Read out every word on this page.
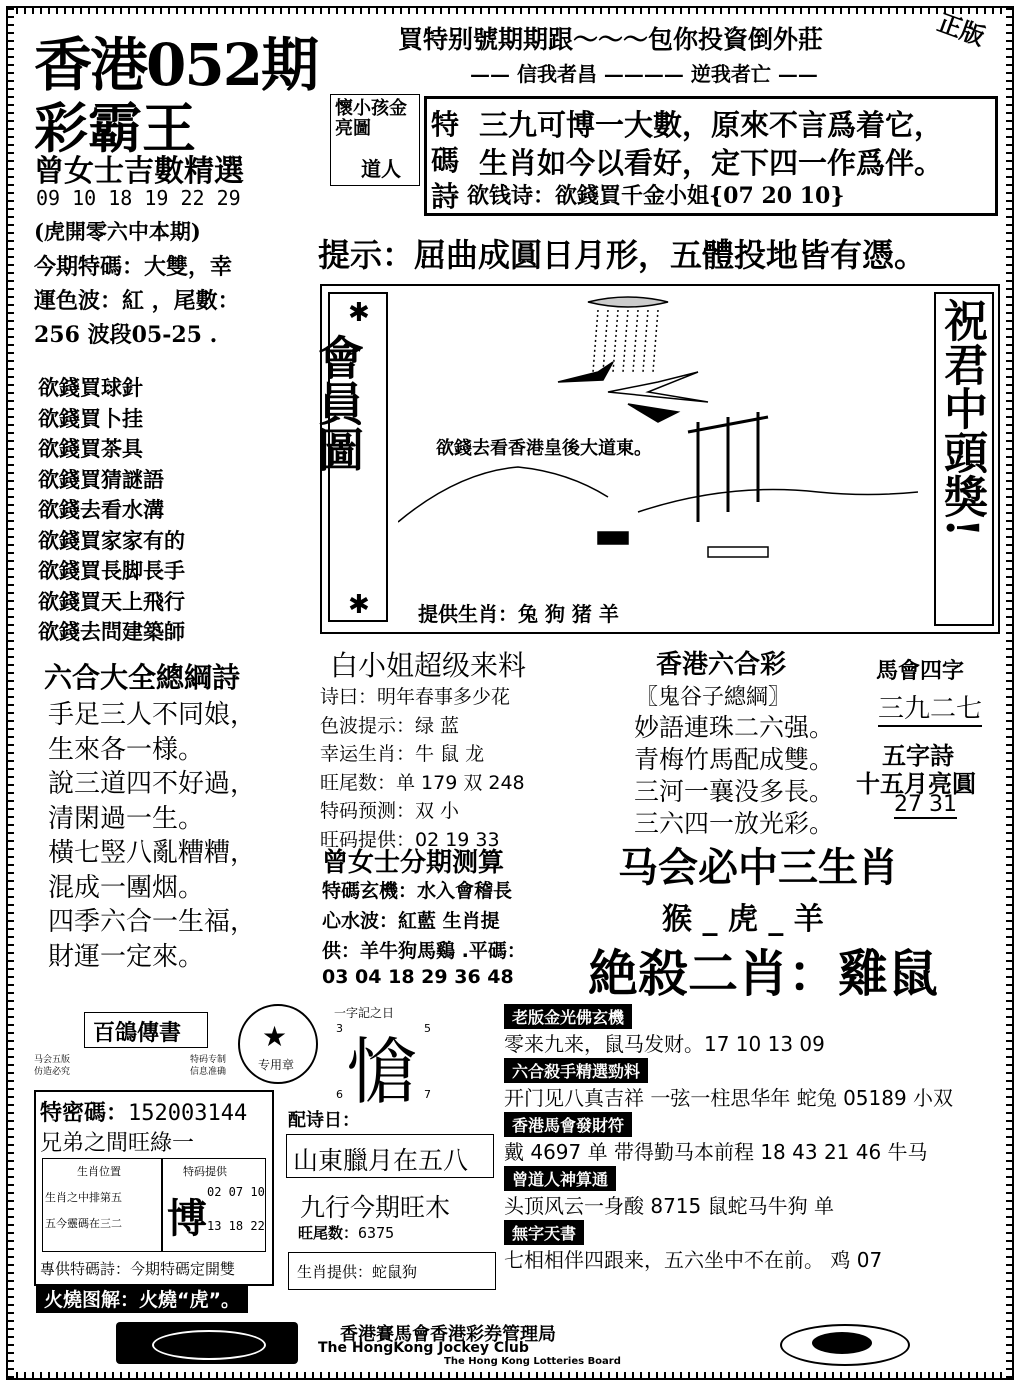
香港052期
彩霸王
買特别號期期跟～～～包你投資倒外莊	正版
—— 信我者昌 ———— 逆我者亡 ——
懷小孩金亮圖
道人
特
碼
詩
三九可博一大數，原來不言爲着它，
生肖如今以看好，定下四一作爲伴。
欲钱诗：欲錢買千金小姐{07 20 10}
曾女士吉數精選
09 10 18 19 22 29
(虎開零六中本期)
今期特碼：大雙，幸
運色波：紅 ，尾數：
256 波段05-25 .
提示：屈曲成圓日月形，五體投地皆有憑。
欲錢買球針
欲錢買卜挂
欲錢買茶具
欲錢買猜謎語
欲錢去看水溝
欲錢買家家有的
欲錢買長脚長手
欲錢買天上飛行
欲錢去問建築師
✱
會員圖
✱
祝君中頭獎!
欲錢去看香港皇後大道東。
提供生肖：兔 狗 猪 羊
白小姐超级来料
诗曰：明年春事多少花
色波提示：绿 蓝
幸运生肖：牛 鼠 龙
旺尾数：单 179 双 248
特码预测：双 小
旺码提供：02 19 33
曾女士分期测算
特碼玄機：水入會稽長
心水波：紅藍 生肖提
供：羊牛狗馬鷄 .平碼：
03 04 18 29 36 48
香港六合彩
〖鬼谷子總綱〗
妙語連珠二六强。
青梅竹馬配成雙。
三河一襄没多長。
三六四一放光彩。
馬會四字
三九二七
五字詩
十五月亮圓
27 31
马会必中三生肖
猴 _ 虎 _ 羊
絶殺二肖：雞鼠
六合大全總綱詩
手足三人不同娘，
生來各一様。
說三道四不好過，
清閑過一生。
橫七竪八亂糟糟，
混成一團烟。
四季六合一生福，
財運一定來。
百鴿傳書
马会五版
仿造必究
特码专制
信息准确
★
专用章
特密碼：152003144
兄弟之間旺綠一
生肖位置
生肖之中排第五
五今靈碼在三二
特码提供
博
02 07 10
13 18 22
專供特碼詩：今期特碼定開雙
火燒图解：火燒“虎”。
一字記之日
3	5
愴
6	7
配诗日：
山東臘月在五八
九行今期旺木
旺尾数：6375
生肖提供：蛇鼠狗
老版金光佛玄機
零来九来，鼠马发财。17 10 13 09
六合殺手精選勁料
开门见八真吉祥 一弦一柱思华年 蛇兔 05189 小双
香港馬會發財符
戴 4697 单 带得勤马本前程 18 43 21 46 牛马
曾道人神算通
头顶风云一身酸 8715 鼠蛇马牛狗 单
無字天書
七相相伴四跟来，五六坐中不在前。 鸡 07
香港賽馬會香港彩券管理局
The HongKong Jockey Club
The Hong Kong Lotteries Board
